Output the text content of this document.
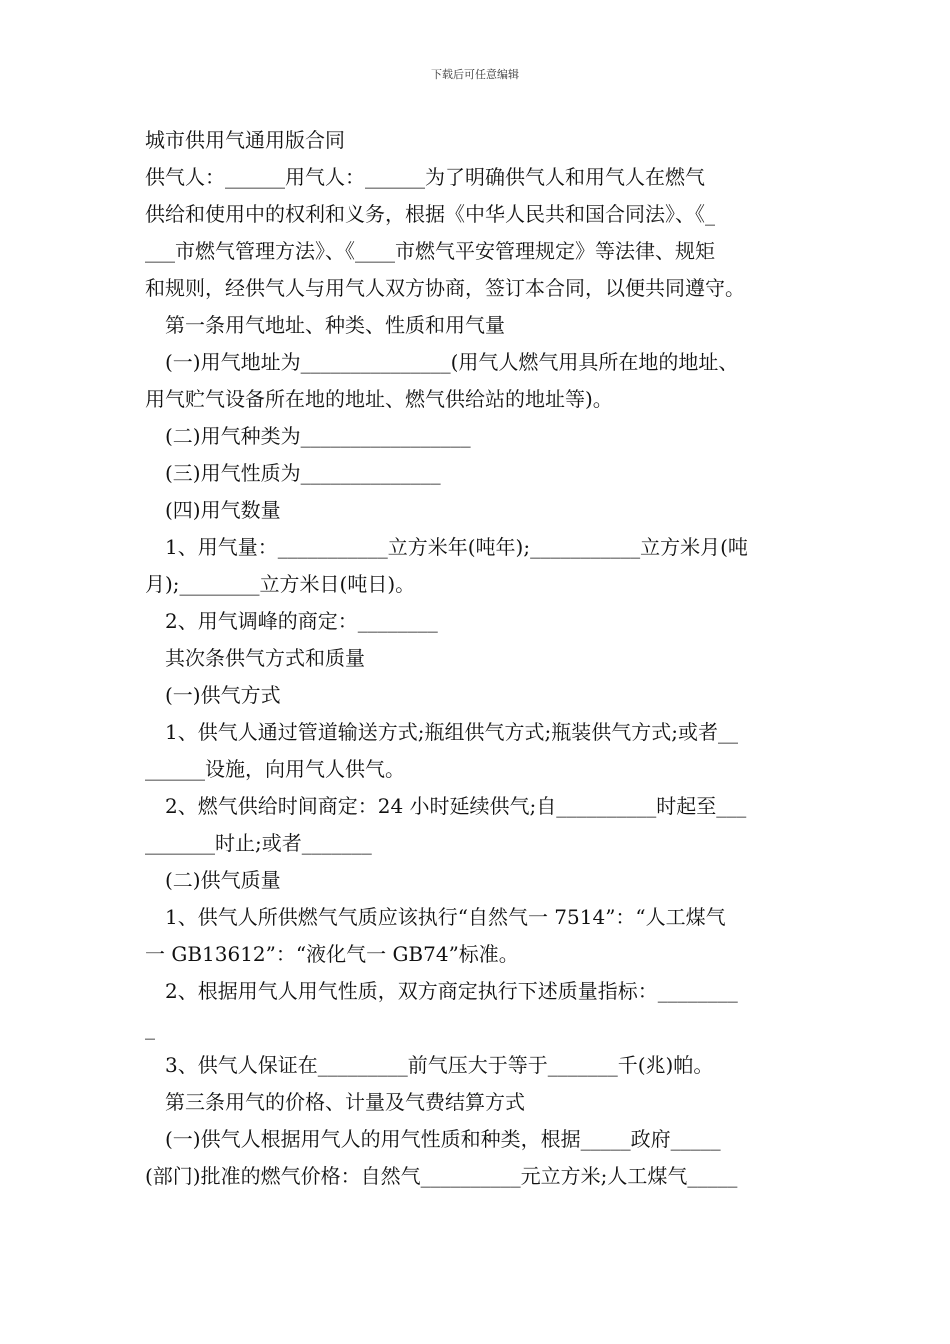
下载后可任意编辑
城市供用气通用版合同
供气人：______用气人：______为了明确供气人和用气人在燃气
供给和使用中的权利和义务，根据《中华人民共和国合同法》、《_
___市燃气管理方法》、《____市燃气平安管理规定》等法律、规矩
和规则，经供气人与用气人双方协商，签订本合同，以便共同遵守。
第一条用气地址、种类、性质和用气量
(一)用气地址为_______________(用气人燃气用具所在地的地址、
用气贮气设备所在地的地址、燃气供给站的地址等)。
(二)用气种类为_________________
(三)用气性质为______________
(四)用气数量
1、用气量：___________立方米年(吨年);___________立方米月(吨
月);________立方米日(吨日)。
2、用气调峰的商定：________
其次条供气方式和质量
(一)供气方式
1、供气人通过管道输送方式;瓶组供气方式;瓶装供气方式;或者__
______设施，向用气人供气。
2、燃气供给时间商定：24 小时延续供气;自__________时起至___
_______时止;或者_______
(二)供气质量
1、供气人所供燃气气质应该执行“自然气一 7514”：“人工煤气
一 GB13612”：“液化气一 GB74”标准。
2、根据用气人用气性质，双方商定执行下述质量指标：________
_
3、供气人保证在_________前气压大于等于_______千(兆)帕。
第三条用气的价格、计量及气费结算方式
(一)供气人根据用气人的用气性质和种类，根据_____政府_____
(部门)批准的燃气价格：自然气__________元立方米;人工煤气_____
